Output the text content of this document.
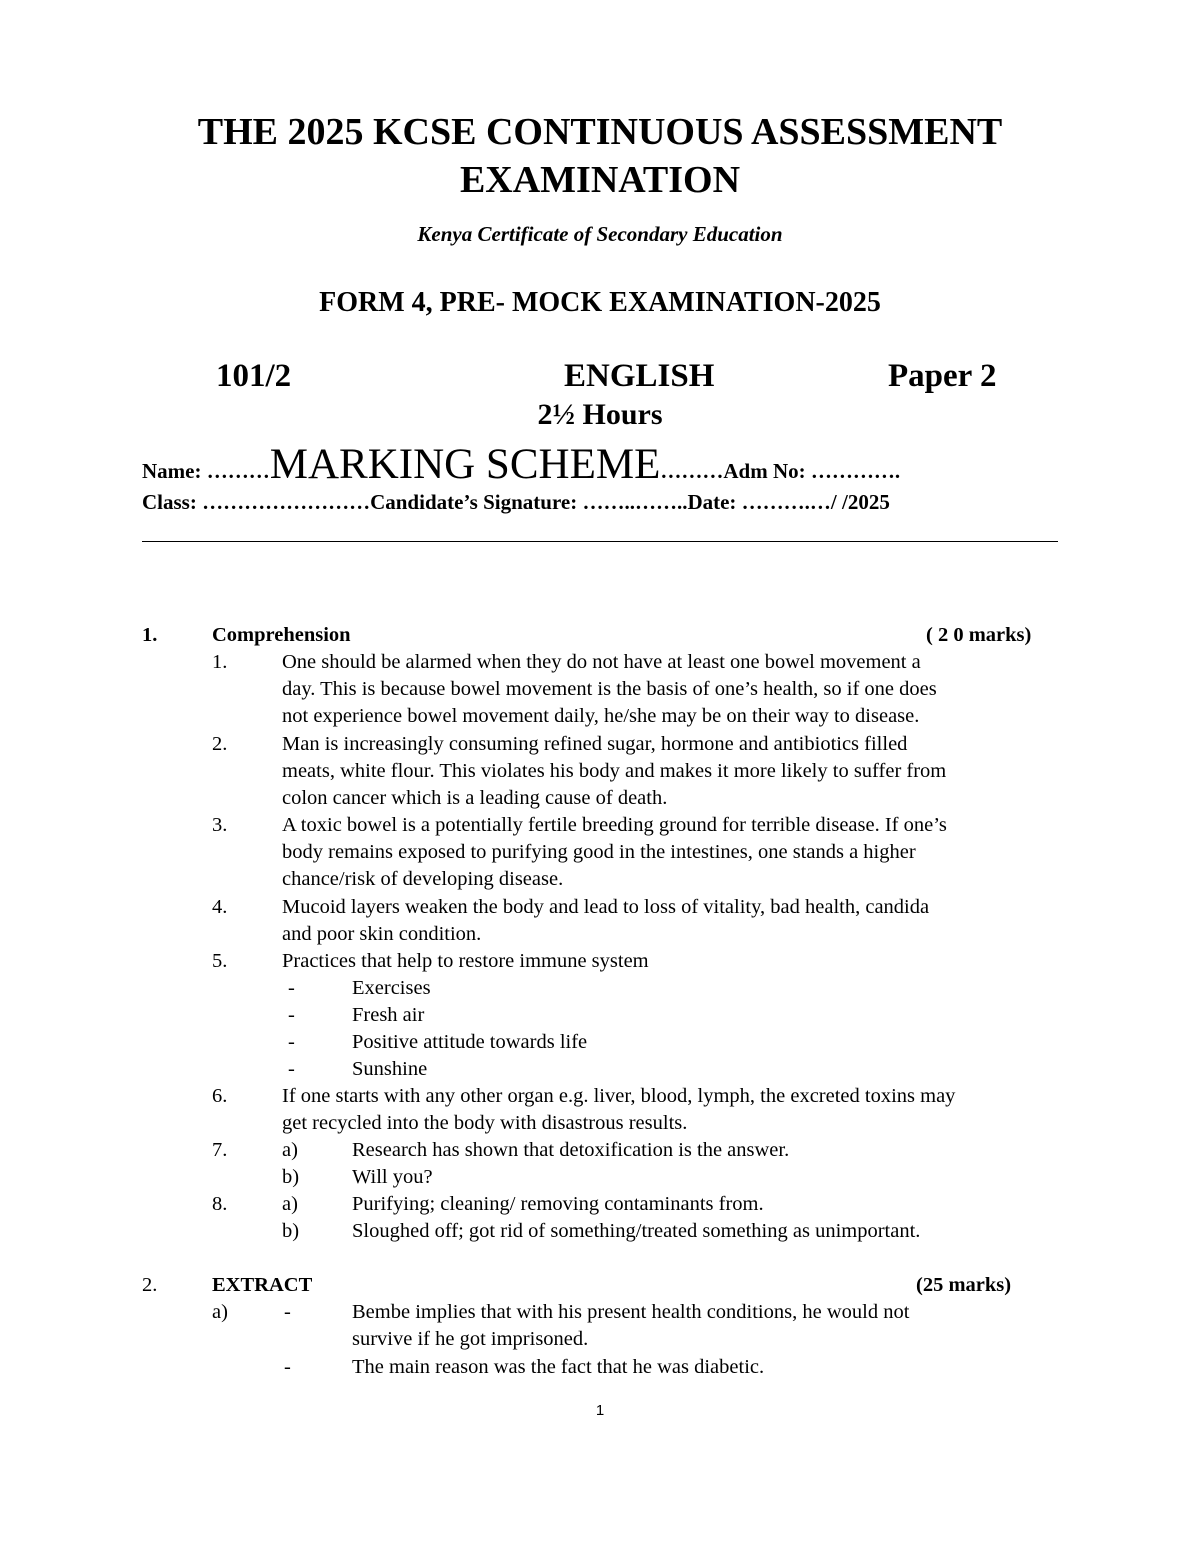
THE 2025 KCSE CONTINUOUS ASSESSMENT
EXAMINATION
Kenya Certificate of Secondary Education
FORM 4, PRE- MOCK EXAMINATION-2025
101/2	ENGLISH	Paper 2
2½ Hours
Name: ………MARKING SCHEME………Adm No: ………….
Class: ……………………Candidate’s Signature: ……..……..Date: ……….…/ /2025
1.	Comprehension	( 2 0 marks)
1.	One should be alarmed when they do not have at least one bowel movement a
day. This is because bowel movement is the basis of one’s health, so if one does
not experience bowel movement daily, he/she may be on their way to disease.
2.	Man is increasingly consuming refined sugar, hormone and antibiotics filled
meats, white flour. This violates his body and makes it more likely to suffer from
colon cancer which is a leading cause of death.
3.	A toxic bowel is a potentially fertile breeding ground for terrible disease. If one’s
body remains exposed to purifying good in the intestines, one stands a higher
chance/risk of developing disease.
4.	Mucoid layers weaken the body and lead to loss of vitality, bad health, candida
and poor skin condition.
5.	Practices that help to restore immune system
-	Exercises
-	Fresh air
-	Positive attitude towards life
-	Sunshine
6.	If one starts with any other organ e.g. liver, blood, lymph, the excreted toxins may
get recycled into the body with disastrous results.
7.	a)	Research has shown that detoxification is the answer.
b)	Will you?
8.	a)	Purifying; cleaning/ removing contaminants from.
b)	Sloughed off; got rid of something/treated something as unimportant.
2.	EXTRACT	(25 marks)
a)	-	Bembe implies that with his present health conditions, he would not
survive if he got imprisoned.
-	The main reason was the fact that he was diabetic.
1
